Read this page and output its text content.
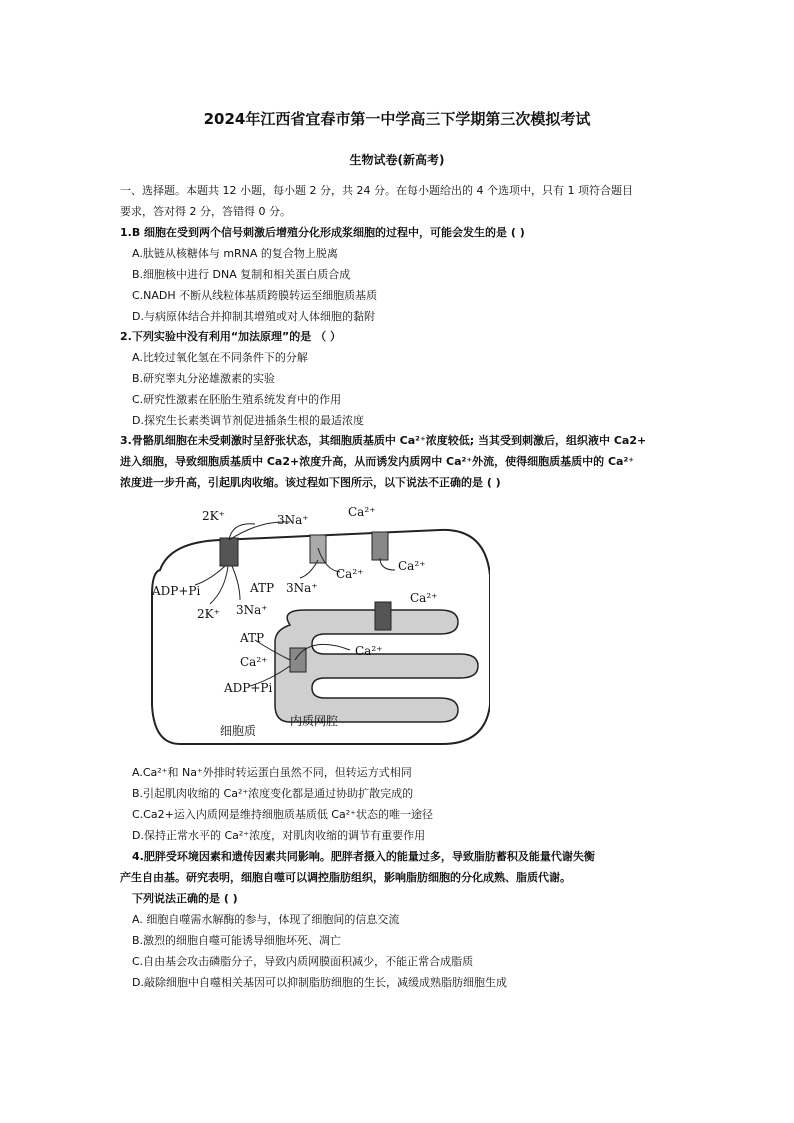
2024年江西省宜春市第一中学高三下学期第三次模拟考试
生物试卷(新高考)
一、选择题。本题共 12 小题，每小题 2 分，共 24 分。在每小题给出的 4 个选项中，只有 1 项符合题目
要求，答对得 2 分，答错得 0 分。
1.B 细胞在受到两个信号刺激后增殖分化形成浆细胞的过程中，可能会发生的是 ( )
A.肽链从核糖体与 mRNA 的复合物上脱离
B.细胞核中进行 DNA 复制和相关蛋白质合成
C.NADH 不断从线粒体基质跨膜转运至细胞质基质
D.与病原体结合并抑制其增殖或对人体细胞的黏附
2.下列实验中没有利用“加法原理”的是 （ ）
A.比较过氧化氢在不同条件下的分解
B.研究睾丸分泌雄激素的实验
C.研究性激素在胚胎生殖系统发育中的作用
D.探究生长素类调节剂促进插条生根的最适浓度
3.骨骼肌细胞在未受刺激时呈舒张状态，其细胞质基质中 Ca²⁺浓度较低; 当其受到刺激后，组织液中 Ca2+
进入细胞，导致细胞质基质中 Ca2+浓度升高，从而诱发内质网中 Ca²⁺外流，使得细胞质基质中的 Ca²⁺
浓度进一步升高，引起肌肉收缩。该过程如下图所示，以下说法不正确的是 ( )
2K⁺	3Na⁺
Ca²⁺
Ca²⁺
Ca²⁺
ADP+Pi	ATP 3Na⁺
2K⁺ 3Na⁺
Ca²⁺
ATP
Ca²⁺
Ca²⁺
ADP+Pi
细胞质
内质网腔
A.Ca²⁺和 Na⁺外排时转运蛋白虽然不同，但转运方式相同
B.引起肌肉收缩的 Ca²⁺浓度变化都是通过协助扩散完成的
C.Ca2+运入内质网是维持细胞质基质低 Ca²⁺状态的唯一途径
D.保持正常水平的 Ca²⁺浓度，对肌肉收缩的调节有重要作用
4.肥胖受环境因素和遗传因素共同影响。肥胖者摄入的能量过多，导致脂肪蓄积及能量代谢失衡
产生自由基。研究表明，细胞自噬可以调控脂肪组织，影响脂肪细胞的分化成熟、脂质代谢。
下列说法正确的是 ( )
A. 细胞自噬需水解酶的参与，体现了细胞间的信息交流
B.激烈的细胞自噬可能诱导细胞坏死、凋亡
C.自由基会攻击磷脂分子，导致内质网膜面积减少，不能正常合成脂质
D.敲除细胞中自噬相关基因可以抑制脂肪细胞的生长，减缓成熟脂肪细胞生成
